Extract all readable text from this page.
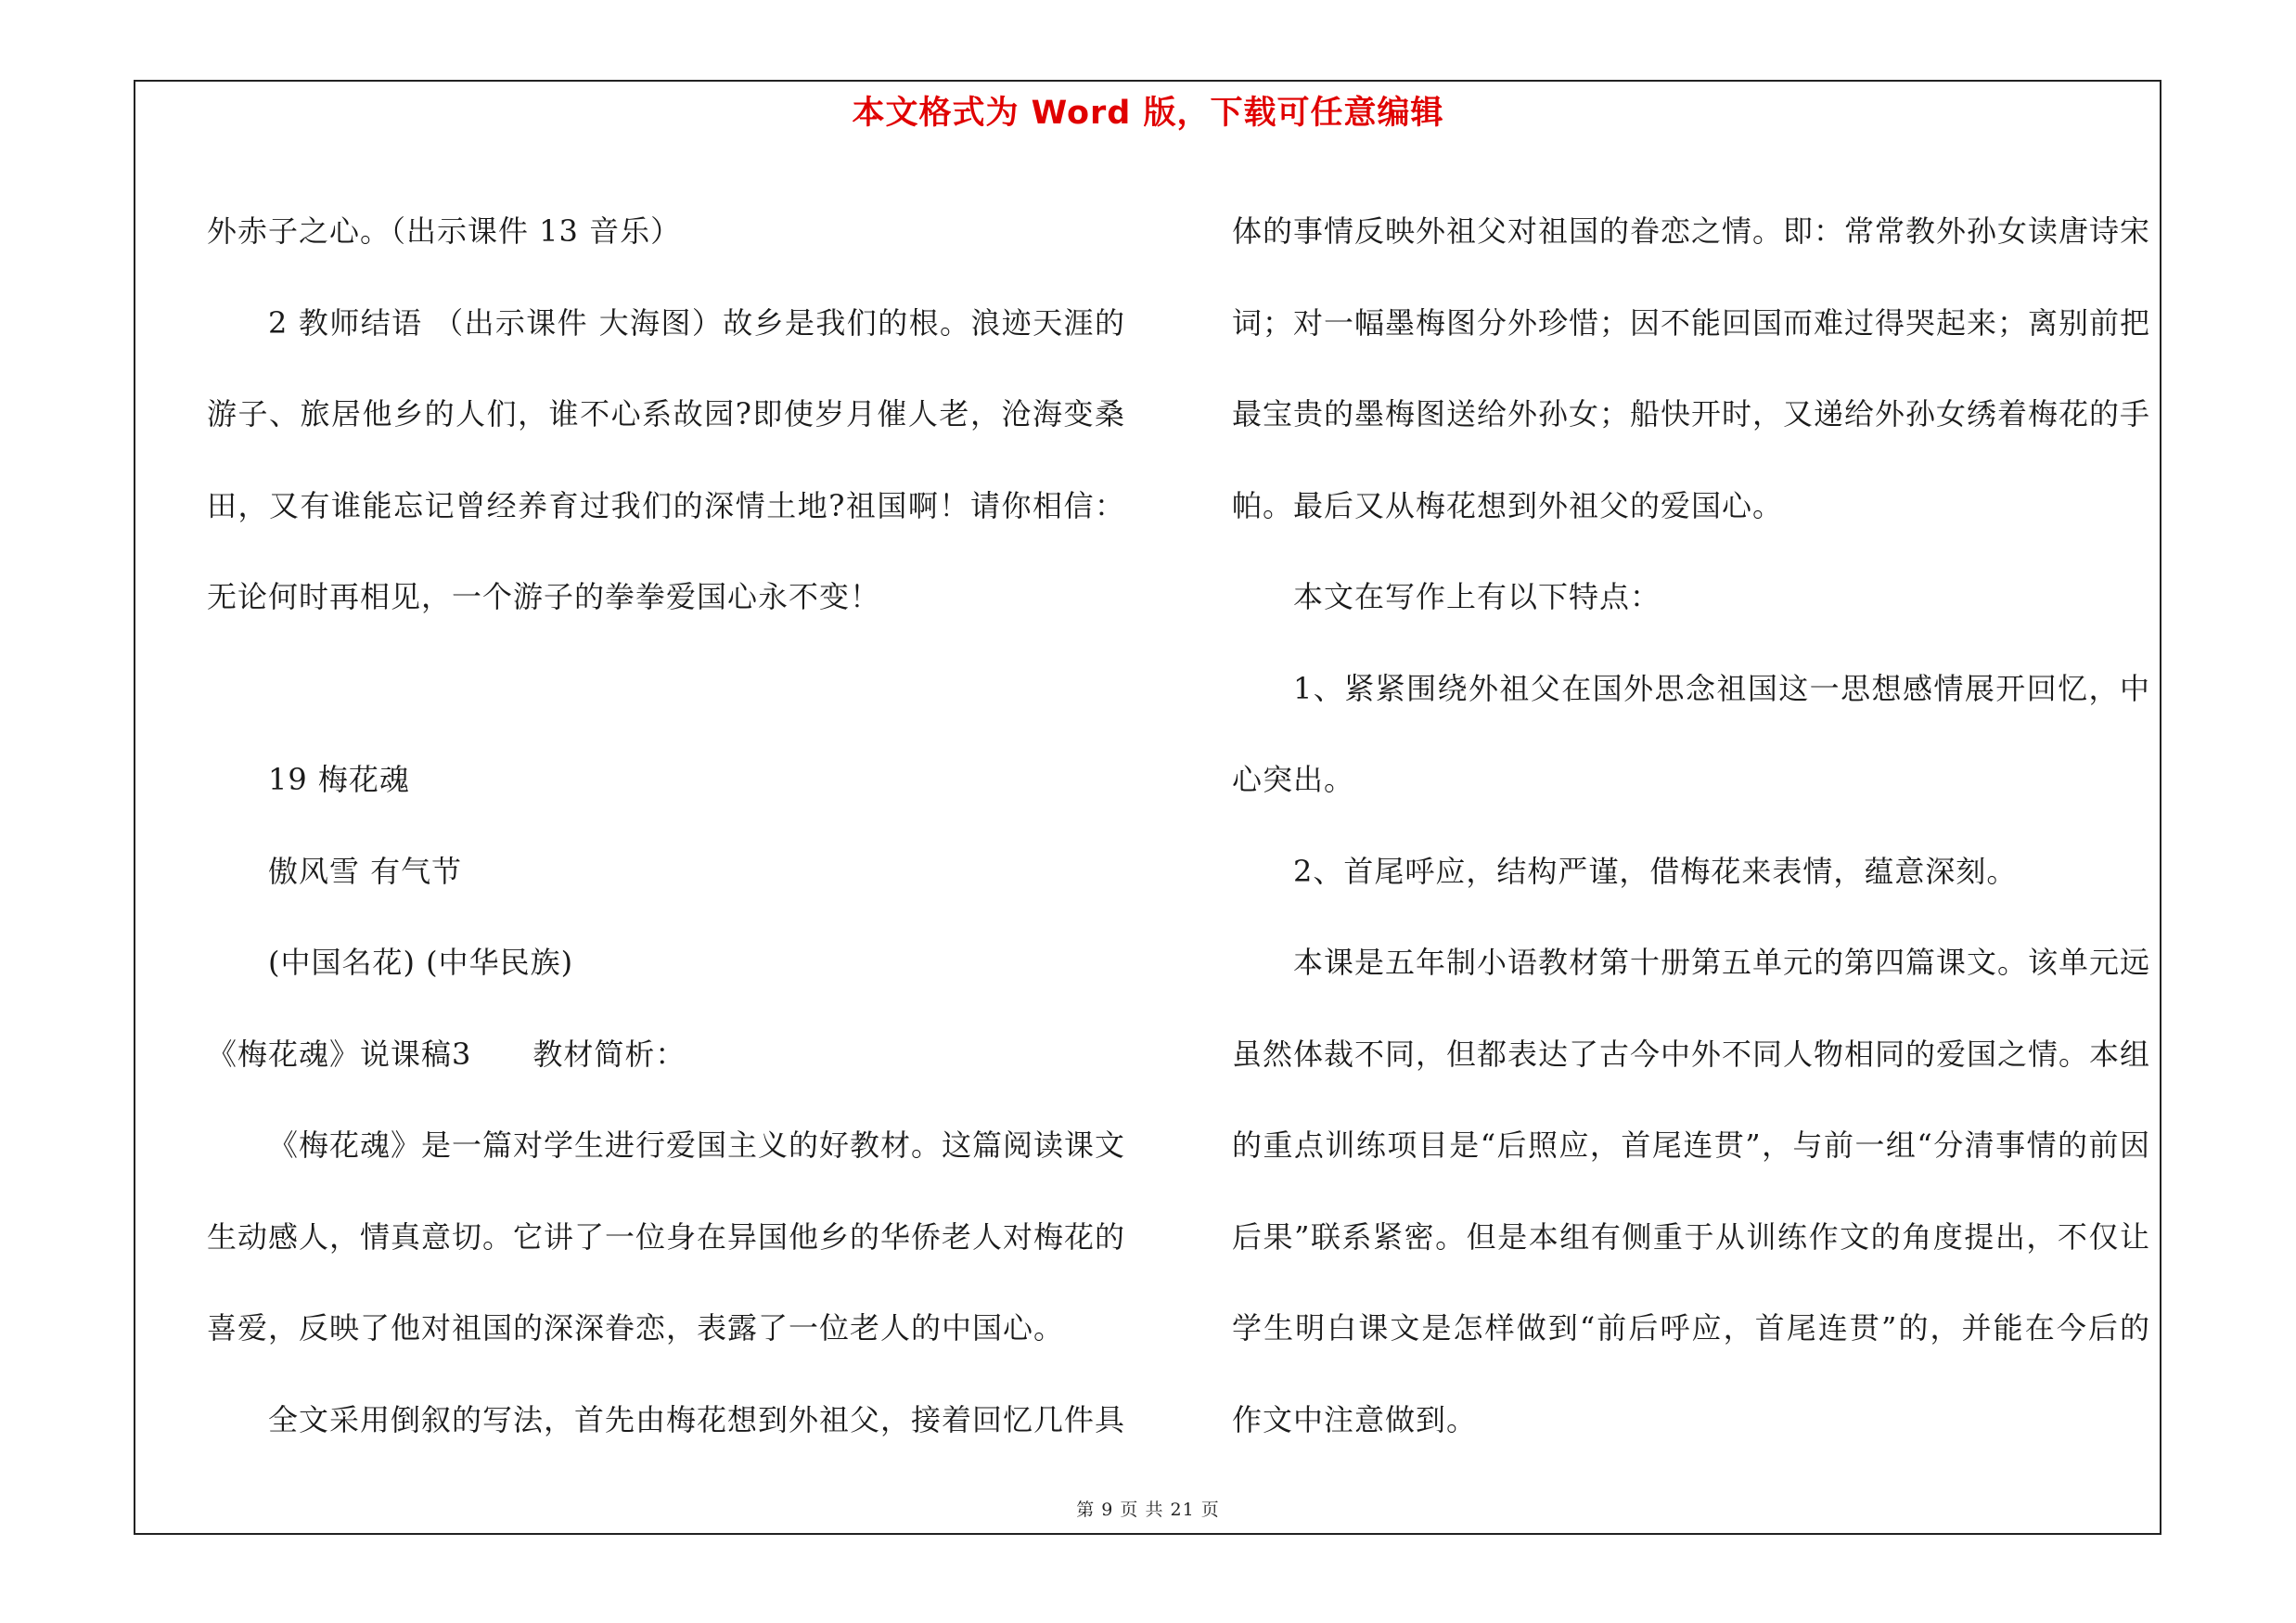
本文格式为 Word 版，下载可任意编辑

外赤子之心。（出示课件 13 音乐）

2 教师结语 （出示课件 大海图）故乡是我们的根。浪迹天涯的游子、旅居他乡的人们，谁不心系故园?即使岁月催人老，沧海变桑田，又有谁能忘记曾经养育过我们的深情土地?祖国啊！请你相信：无论何时再相见，一个游子的拳拳爱国心永不变！

19 梅花魂

傲风雪 有气节

(中国名花) (中华民族)

《梅花魂》说课稿3　　教材简析：

《梅花魂》是一篇对学生进行爱国主义的好教材。这篇阅读课文生动感人，情真意切。它讲了一位身在异国他乡的华侨老人对梅花的喜爱，反映了他对祖国的深深眷恋，表露了一位老人的中国心。

全文采用倒叙的写法，首先由梅花想到外祖父，接着回忆几件具

体的事情反映外祖父对祖国的眷恋之情。即：常常教外孙女读唐诗宋词；对一幅墨梅图分外珍惜；因不能回国而难过得哭起来；离别前把最宝贵的墨梅图送给外孙女；船快开时，又递给外孙女绣着梅花的手帕。最后又从梅花想到外祖父的爱国心。

本文在写作上有以下特点：

1、紧紧围绕外祖父在国外思念祖国这一思想感情展开回忆，中心突出。

2、首尾呼应，结构严谨，借梅花来表情，蕴意深刻。

本课是五年制小语教材第十册第五单元的第四篇课文。该单元远虽然体裁不同，但都表达了古今中外不同人物相同的爱国之情。本组的重点训练项目是“后照应，首尾连贯”，与前一组“分清事情的前因后果”联系紧密。但是本组有侧重于从训练作文的角度提出，不仅让学生明白课文是怎样做到“前后呼应，首尾连贯”的，并能在今后的作文中注意做到。

第 9 页 共 21 页
